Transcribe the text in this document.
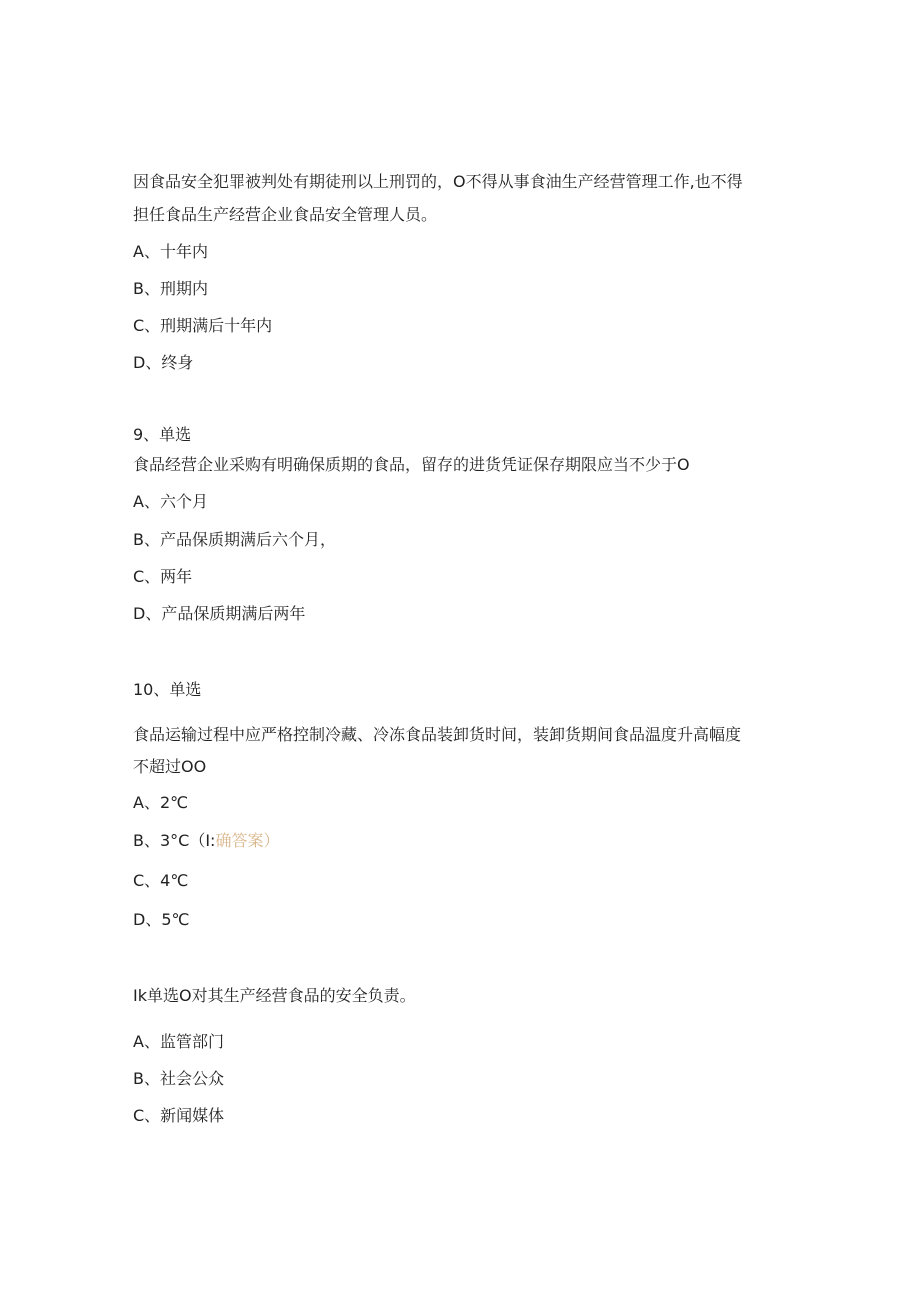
因食品安全犯罪被判处有期徒刑以上刑罚的，O不得从事食油生产经营管理工作,也不得
担任食品生产经营企业食品安全管理人员。
A、十年内
B、刑期内
C、刑期满后十年内
D、终身
9、单选
食品经营企业采购有明确保质期的食品，留存的进货凭证保存期限应当不少于O
A、六个月
B、产品保质期满后六个月，
C、两年
D、产品保质期满后两年
10、单选
食品运输过程中应严格控制冷藏、冷冻食品装卸货时间，装卸货期间食品温度升高幅度
不超过OO
A、2℃
B、3°C（I:确答案）
C、4℃
D、5℃
Ik单选O对其生产经营食品的安全负责。
A、监管部门
B、社会公众
C、新闻媒体
